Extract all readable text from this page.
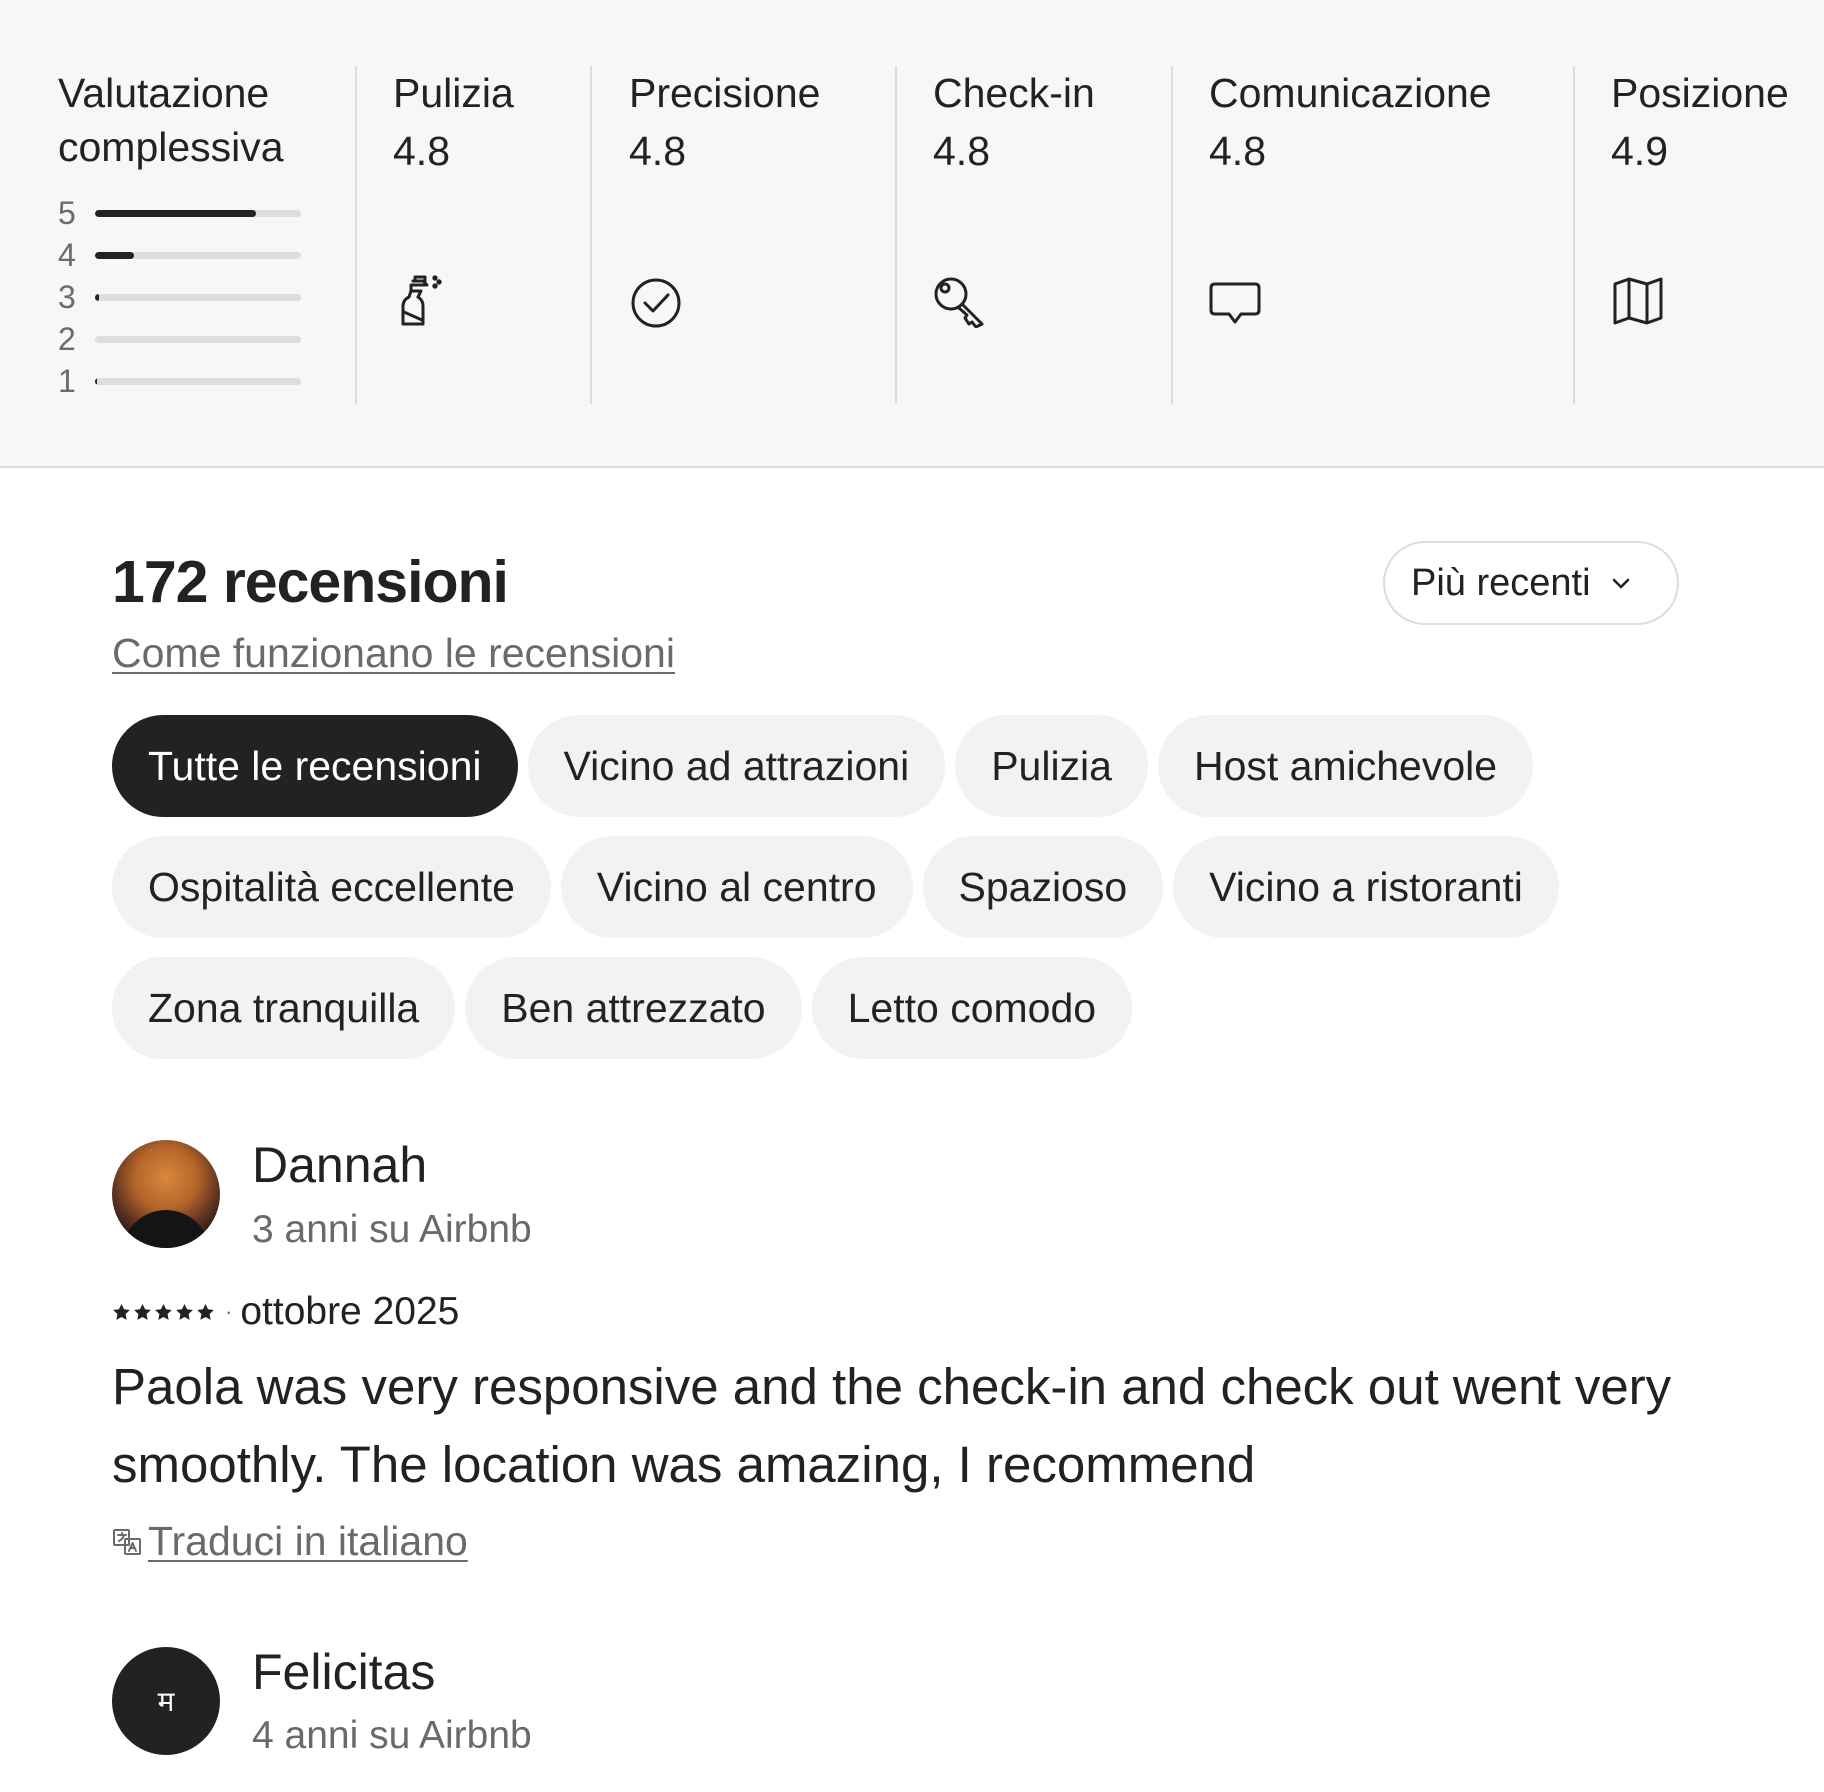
Valutazione complessiva
5
4
3
2
1
Pulizia
4.8
Precisione
4.8
Check-in
4.8
Comunicazione
4.8
Posizione
4.9
172 recensioni
Come funzionano le recensioni
Più recenti
Tutte le recensioni	Vicino ad attrazioni	Pulizia	Host amichevole
Ospitalità eccellente	Vicino al centro	Spazioso	Vicino a ristoranti
Zona tranquilla	Ben attrezzato	Letto comodo
Dannah
3 anni su Airbnb
· ottobre 2025

Paola was very responsive and the check-in and check out went very smoothly. The location was amazing, I recommend

Traduci in italiano
म
Felicitas
4 anni su Airbnb
